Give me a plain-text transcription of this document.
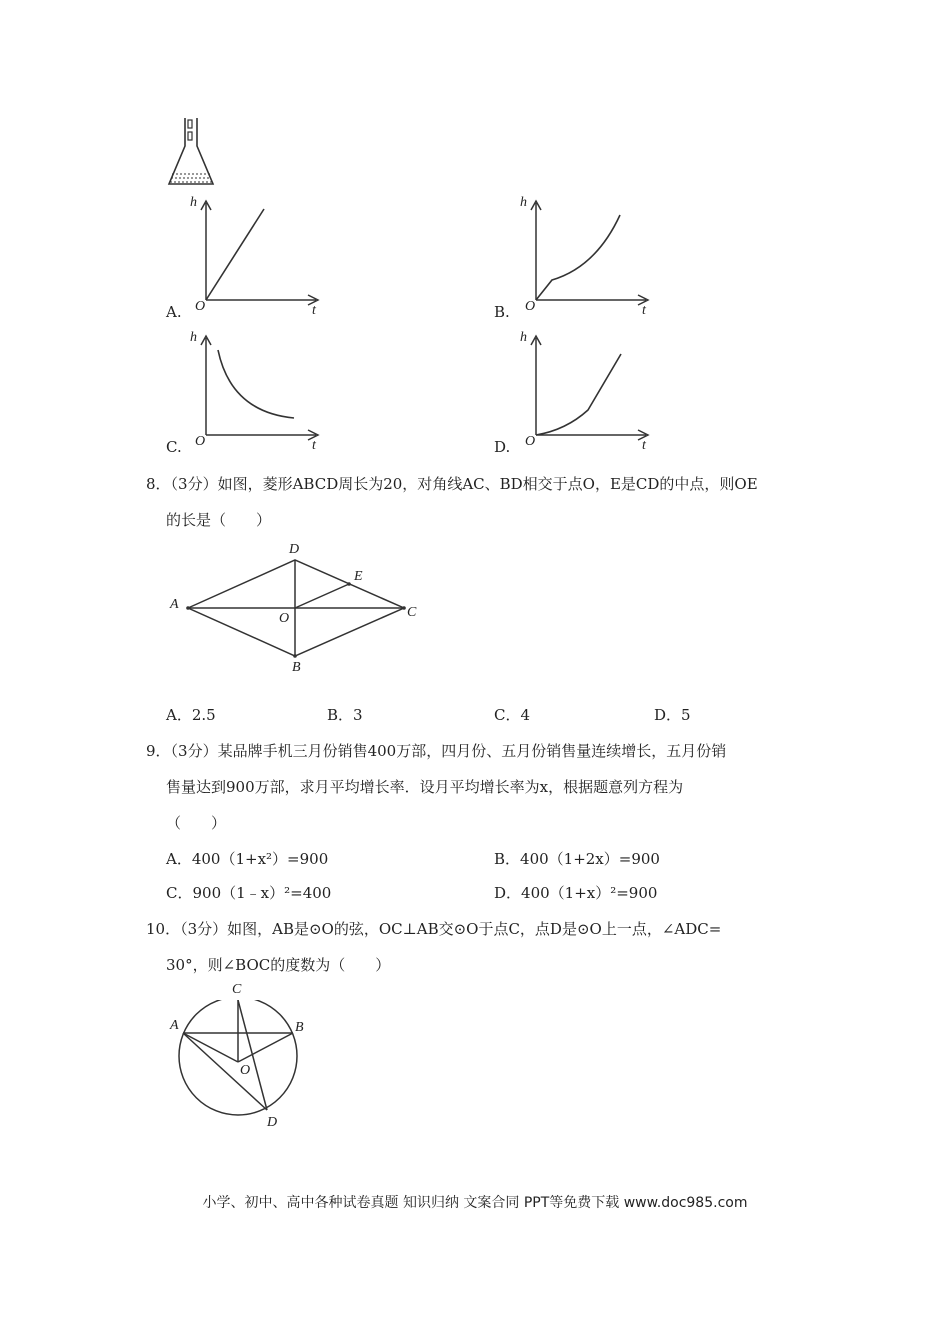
A.
h
O	t	B.
h
O	t
C.
h
O	t	D.
h
O	t
8．（3分）如图，菱形ABCD周长为20，对角线AC、BD相交于点O，E是CD的中点，则OE
的长是（　　）
A
D
E
C
O
B
A．2.5	B．3	C．4	D．5
9．（3分）某品牌手机三月份销售400万部，四月份、五月份销售量连续增长，五月份销
售量达到900万部，求月平均增长率．设月平均增长率为x，根据题意列方程为
（　　）
A．400（1+x²）=900	B．400（1+2x）=900
C．900（1﹣x）²=400	D．400（1+x）²=900
10．（3分）如图，AB是⊙O的弦，OC⊥AB交⊙O于点C，点D是⊙O上一点，∠ADC=
30°，则∠BOC的度数为（　　）
C
A	B
O
D
小学、初中、高中各种试卷真题 知识归纳 文案合同 PPT等免费下载 www.doc985.com
